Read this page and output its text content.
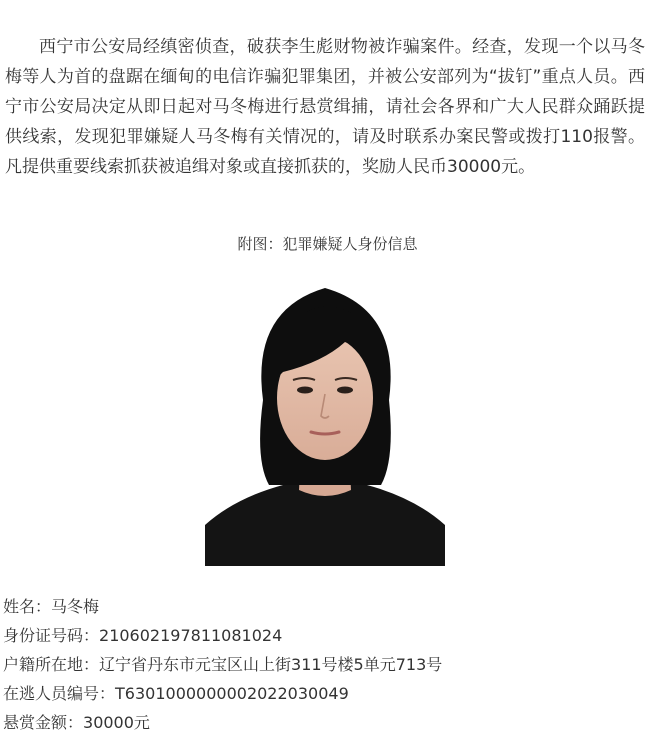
西宁市公安局经缜密侦查，破获李生彪财物被诈骗案件。经查，发现一个以马冬梅等人为首的盘踞在缅甸的电信诈骗犯罪集团，并被公安部列为“拔钉”重点人员。西宁市公安局决定从即日起对马冬梅进行悬赏缉捕，请社会各界和广大人民群众踊跃提供线索，发现犯罪嫌疑人马冬梅有关情况的，请及时联系办案民警或拨打110报警。凡提供重要线索抓获被追缉对象或直接抓获的，奖励人民币30000元。

附图：犯罪嫌疑人身份信息
姓名：马冬梅
身份证号码：210602197811081024
户籍所在地：辽宁省丹东市元宝区山上街311号楼5单元713号
在逃人员编号：T6301000000002022030049
悬赏金额：30000元
